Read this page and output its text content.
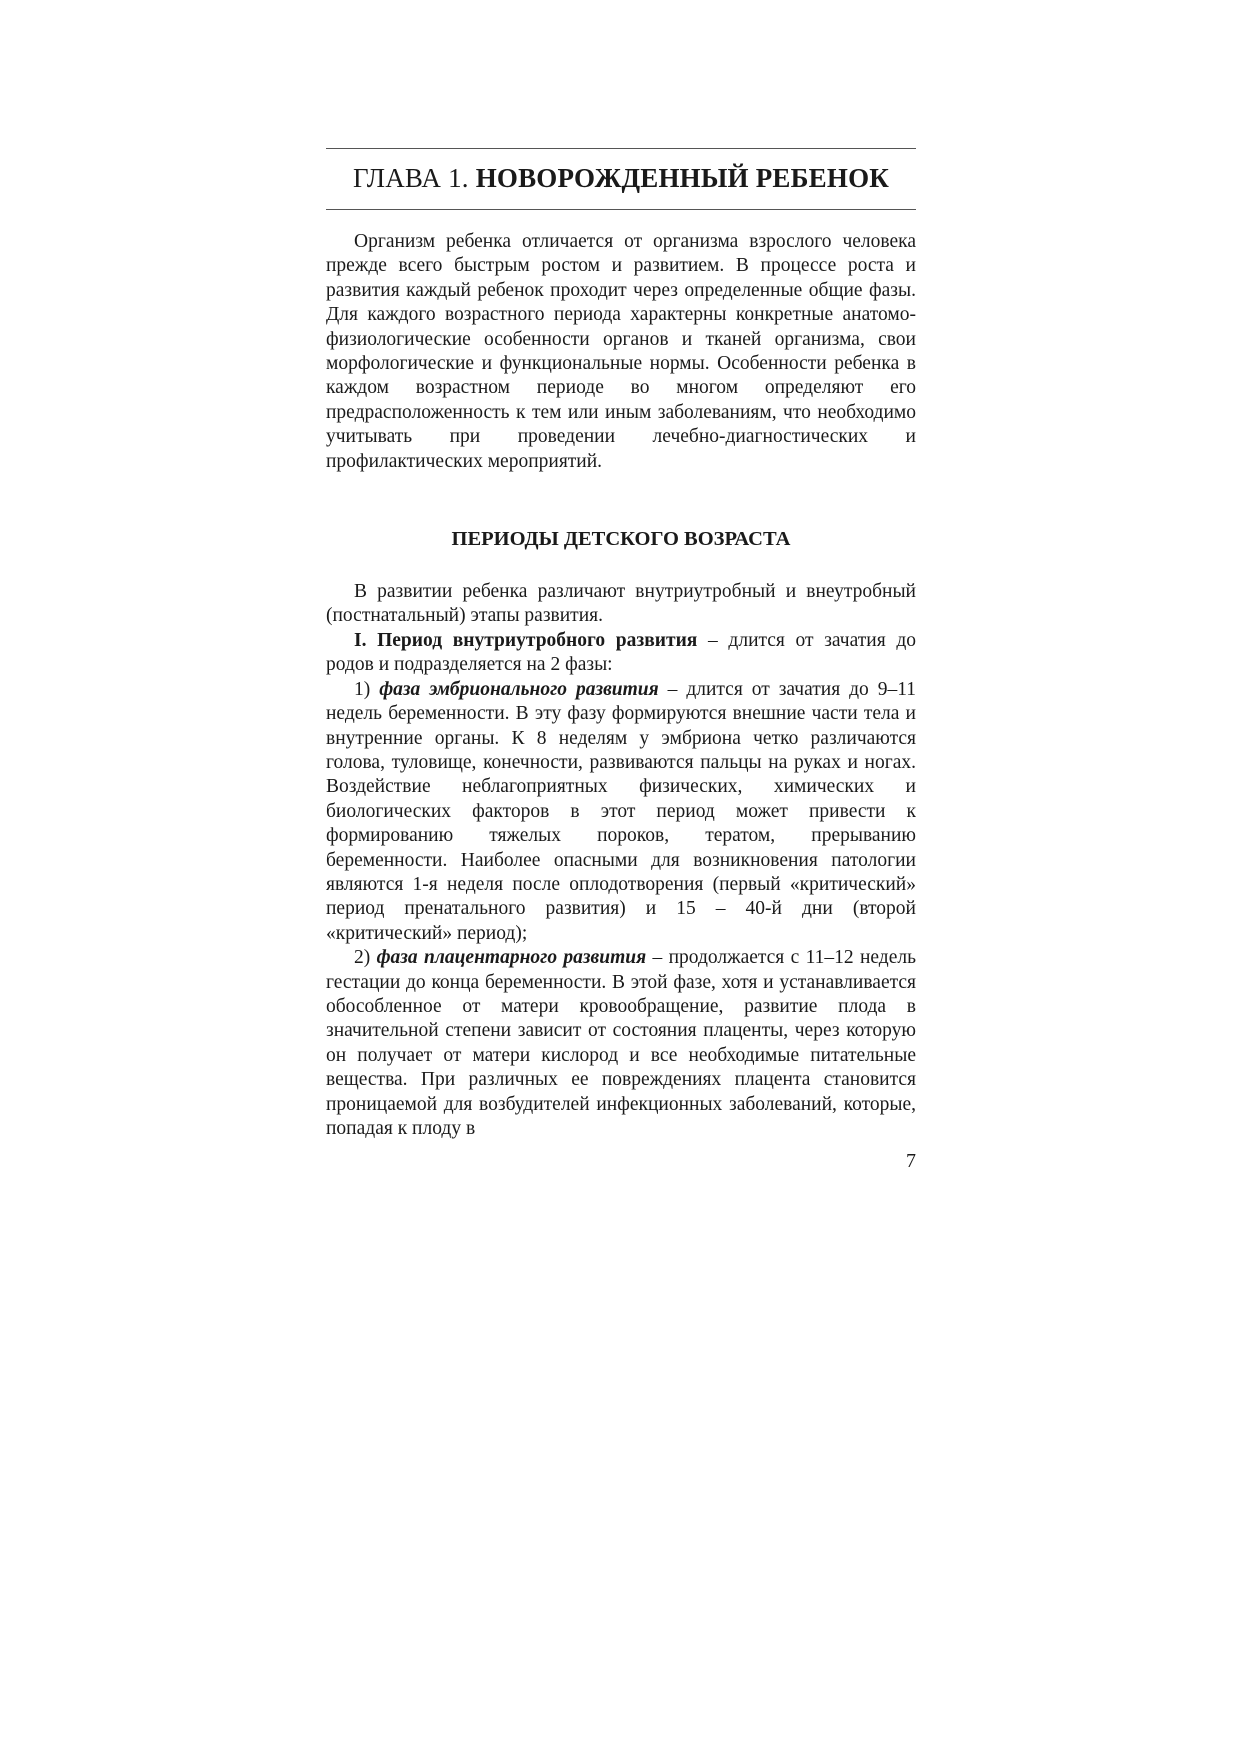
ГЛАВА 1. НОВОРОЖДЕННЫЙ РЕБЕНОК

Организм ребенка отличается от организма взрослого человека прежде всего быстрым ростом и развитием. В процессе роста и развития каждый ребенок проходит через определенные общие фазы. Для каждого возрастного периода характерны конкретные анатомо-физиологические особенности органов и тканей организма, свои морфологические и функциональные нормы. Особенности ребенка в каждом возрастном периоде во многом определяют его предрасположенность к тем или иным заболеваниям, что необходимо учитывать при проведении лечебно-диагностических и профилактических мероприятий.

ПЕРИОДЫ ДЕТСКОГО ВОЗРАСТА

В развитии ребенка различают внутриутробный и внеутробный (постнатальный) этапы развития.

I. Период внутриутробного развития – длится от зачатия до родов и подразделяется на 2 фазы:

1) фаза эмбрионального развития – длится от зачатия до 9–11 недель беременности. В эту фазу формируются внешние части тела и внутренние органы. К 8 неделям у эмбриона четко различаются голова, туловище, конечности, развиваются пальцы на руках и ногах. Воздействие неблагоприятных физических, химических и биологических факторов в этот период может привести к формированию тяжелых пороков, тератом, прерыванию беременности. Наиболее опасными для возникновения патологии являются 1-я неделя после оплодотворения (первый «критический» период пренатального развития) и 15 – 40-й дни (второй «критический» период);

2) фаза плацентарного развития – продолжается с 11–12 недель гестации до конца беременности. В этой фазе, хотя и устанавливается обособленное от матери кровообращение, развитие плода в значительной степени зависит от состояния плаценты, через которую он получает от матери кислород и все необходимые питательные вещества. При различных ее повреждениях плацента становится проницаемой для возбудителей инфекционных заболеваний, которые, попадая к плоду в

7
